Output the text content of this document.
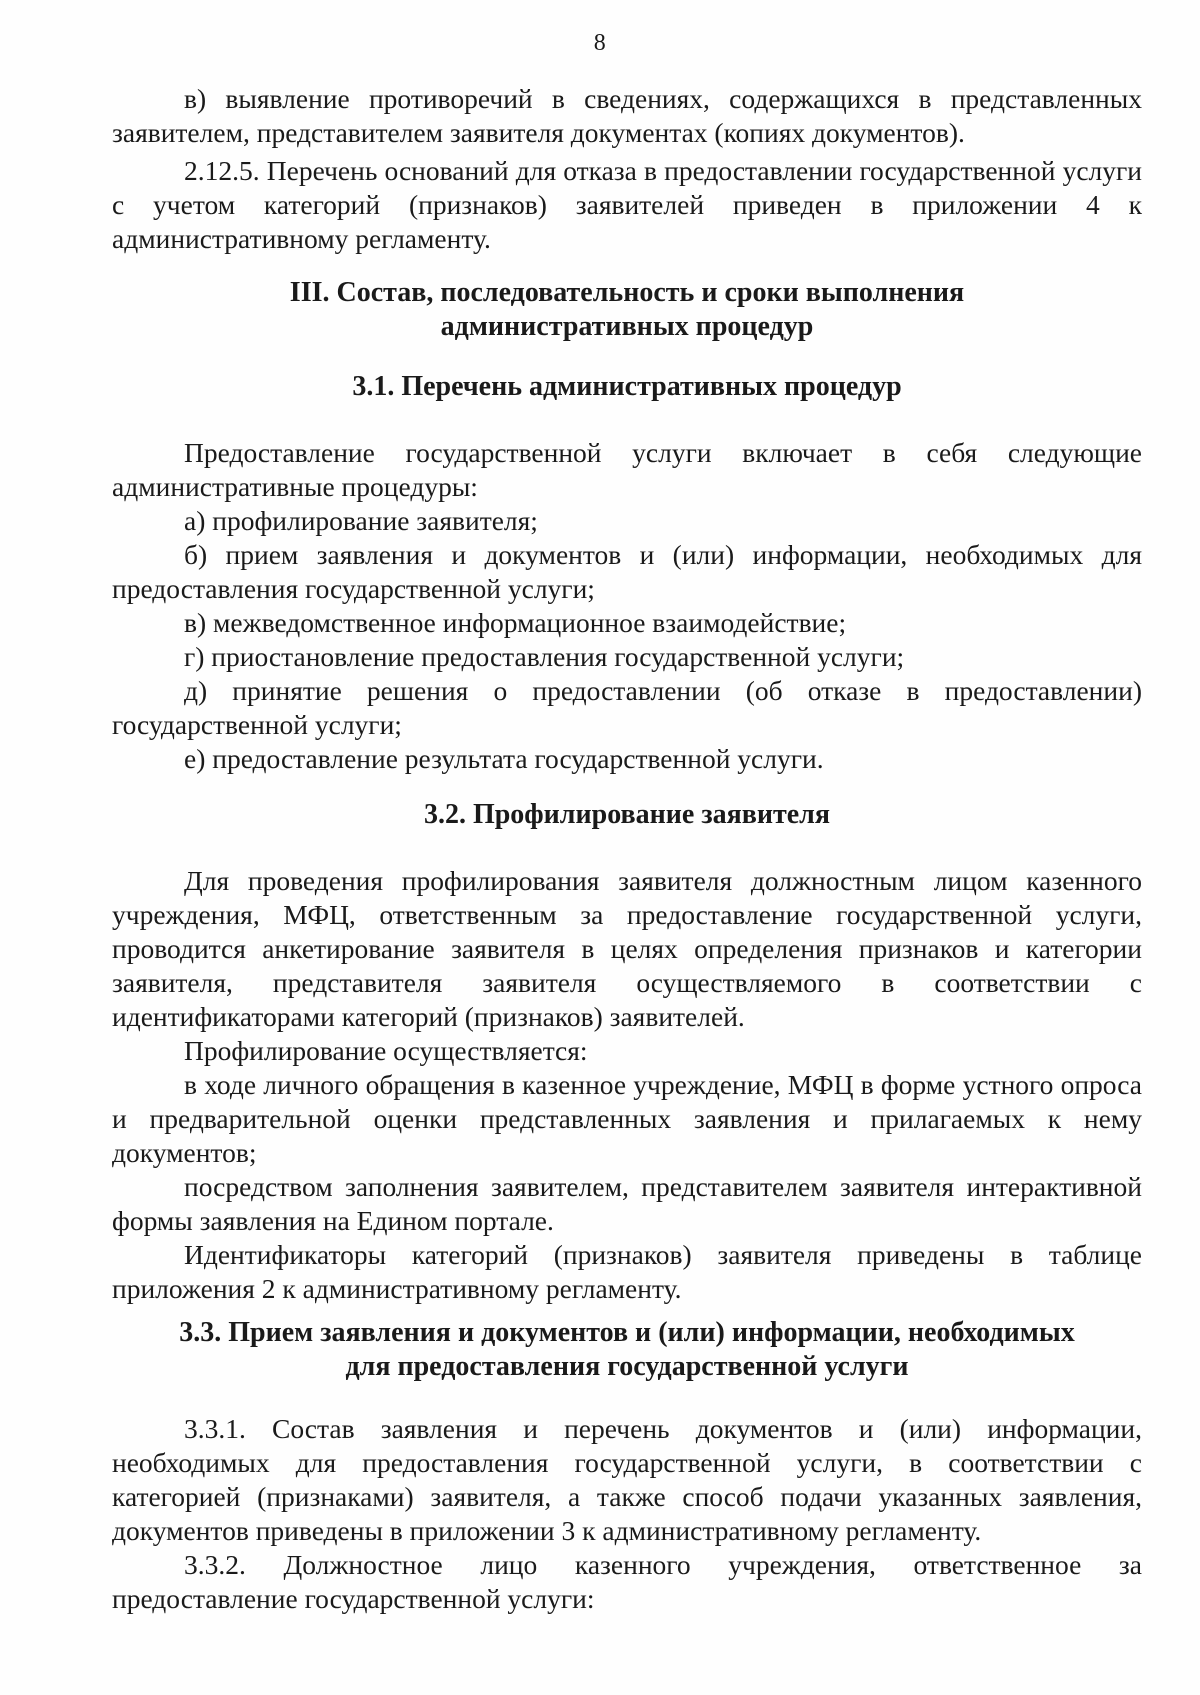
8

в) выявление противоречий в сведениях, содержащихся в представленных заявителем, представителем заявителя документах (копиях документов).

2.12.5. Перечень оснований для отказа в предоставлении государственной услуги с учетом категорий (признаков) заявителей приведен в приложении 4 к административному регламенту.

III. Состав, последовательность и сроки выполнения

административных процедур

3.1. Перечень административных процедур

Предоставление государственной услуги включает в себя следующие административные процедуры:

а) профилирование заявителя;

б) прием заявления и документов и (или) информации, необходимых для предоставления государственной услуги;

в) межведомственное информационное взаимодействие;

г) приостановление предоставления государственной услуги;

д) принятие решения о предоставлении (об отказе в предоставлении) государственной услуги;

е) предоставление результата государственной услуги.

3.2. Профилирование заявителя

Для проведения профилирования заявителя должностным лицом казенного учреждения, МФЦ, ответственным за предоставление государственной услуги, проводится анкетирование заявителя в целях определения признаков и категории заявителя, представителя заявителя осуществляемого в соответствии с идентификаторами категорий (признаков) заявителей.

Профилирование осуществляется:

в ходе личного обращения в казенное учреждение, МФЦ в форме устного опроса и предварительной оценки представленных заявления и прилагаемых к нему документов;

посредством заполнения заявителем, представителем заявителя интерактивной формы заявления на Едином портале.

Идентификаторы категорий (признаков) заявителя приведены в таблице приложения 2 к административному регламенту.

3.3. Прием заявления и документов и (или) информации, необходимых

для предоставления государственной услуги

3.3.1. Состав заявления и перечень документов и (или) информации, необходимых для предоставления государственной услуги, в соответствии с категорией (признаками) заявителя, а также способ подачи указанных заявления, документов приведены в приложении 3 к административному регламенту.

3.3.2. Должностное лицо казенного учреждения, ответственное за предоставление государственной услуги:
